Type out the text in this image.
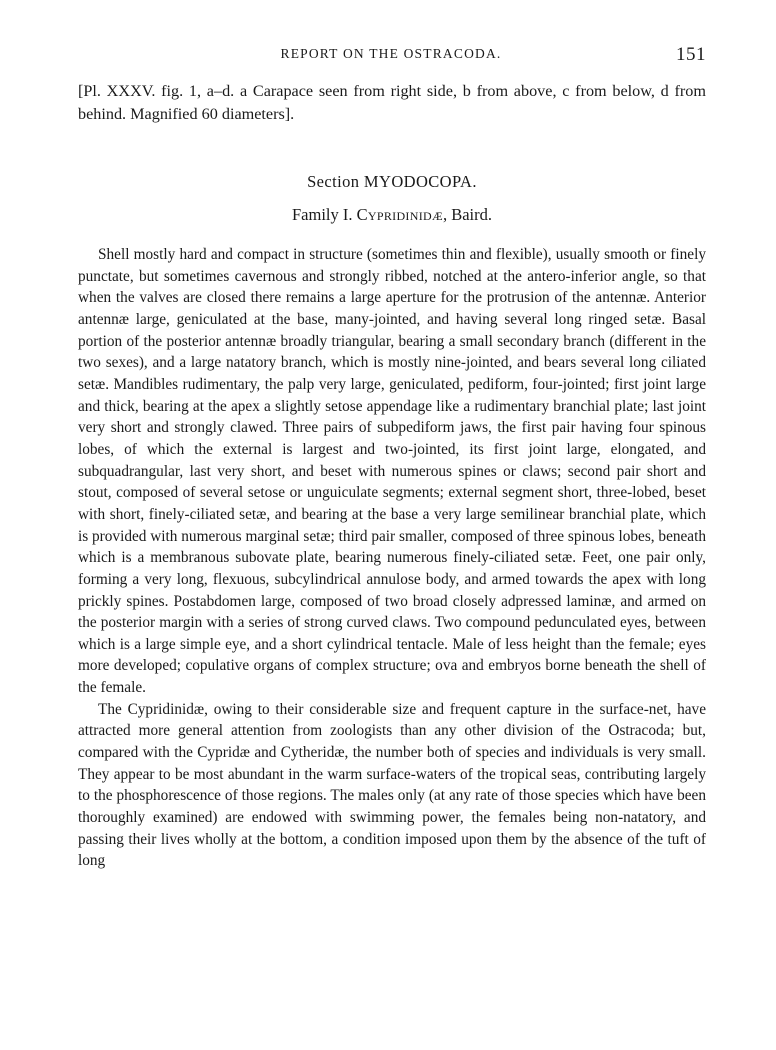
REPORT ON THE OSTRACODA.	151
[Pl. XXXV. fig. 1, a–d. a Carapace seen from right side, b from above, c from below, d from behind. Magnified 60 diameters].
Section MYODOCOPA.
Family I. Cypridinidæ, Baird.

Shell mostly hard and compact in structure (sometimes thin and flexible), usually smooth or finely punctate, but sometimes cavernous and strongly ribbed, notched at the antero-inferior angle, so that when the valves are closed there remains a large aperture for the protrusion of the antennæ. Anterior antennæ large, geniculated at the base, many-jointed, and having several long ringed setæ. Basal portion of the posterior antennæ broadly triangular, bearing a small secondary branch (different in the two sexes), and a large natatory branch, which is mostly nine-jointed, and bears several long ciliated setæ. Mandibles rudimentary, the palp very large, geniculated, pediform, four-jointed; first joint large and thick, bearing at the apex a slightly setose appendage like a rudimentary branchial plate; last joint very short and strongly clawed. Three pairs of subpediform jaws, the first pair having four spinous lobes, of which the external is largest and two-jointed, its first joint large, elongated, and subquadrangular, last very short, and beset with numerous spines or claws; second pair short and stout, composed of several setose or unguiculate segments; external segment short, three-lobed, beset with short, finely-ciliated setæ, and bearing at the base a very large semilinear branchial plate, which is provided with numerous marginal setæ; third pair smaller, composed of three spinous lobes, beneath which is a membranous subovate plate, bearing numerous finely-ciliated setæ. Feet, one pair only, forming a very long, flexuous, subcylindrical annulose body, and armed towards the apex with long prickly spines. Postabdomen large, composed of two broad closely adpressed laminæ, and armed on the posterior margin with a series of strong curved claws. Two compound pedunculated eyes, between which is a large simple eye, and a short cylindrical tentacle. Male of less height than the female; eyes more developed; copulative organs of complex structure; ova and embryos borne beneath the shell of the female.

The Cypridinidæ, owing to their considerable size and frequent capture in the surface-net, have attracted more general attention from zoologists than any other division of the Ostracoda; but, compared with the Cypridæ and Cytheridæ, the number both of species and individuals is very small. They appear to be most abundant in the warm surface-waters of the tropical seas, contributing largely to the phosphorescence of those regions. The males only (at any rate of those species which have been thoroughly examined) are endowed with swimming power, the females being non-natatory, and passing their lives wholly at the bottom, a condition imposed upon them by the absence of the tuft of long
